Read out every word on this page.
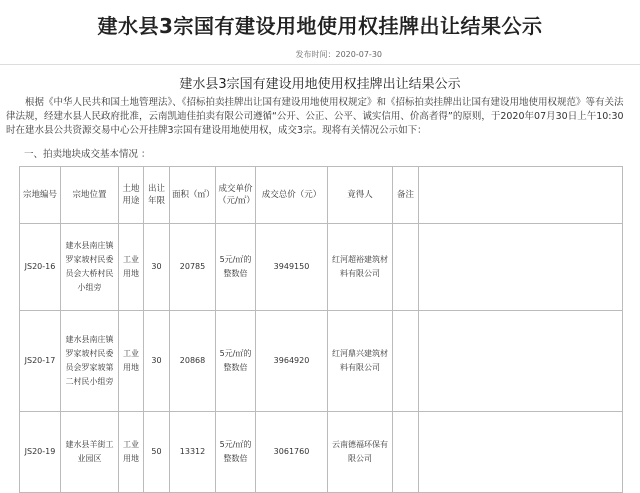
建水县3宗国有建设用地使用权挂牌出让结果公示
发布时间：2020-07-30
建水县3宗国有建设用地使用权挂牌出让结果公示
根据《中华人民共和国土地管理法》、《招标拍卖挂牌出让国有建设用地使用权规定》和《招标拍卖挂牌出让国有建设用地使用权规范》等有关法律法规，经建水县人民政府批准，云南凯迪佳拍卖有限公司遵循“公开、公正、公平、诚实信用、价高者得”的原则，于2020年07月30日上午10:30时在建水县公共资源交易中心公开挂牌3宗国有建设用地使用权，成交3宗。现将有关情况公示如下：
一、拍卖地块成交基本情况 ：
宗地编号	宗地位置	土地用途	出让年限	面积（㎡）	成交单价（元/㎡）	成交总价（元）	竟得人	备注	
JS20-16	建水县南庄镇罗家坡村民委员会大桥村民小组旁	工业用地	30	20785	5元/㎡的整数倍	3949150	红河超裕建筑材料有限公司		
JS20-17	建水县南庄镇罗家坡村民委员会罗家坡第二村民小组旁	工业用地	30	20868	5元/㎡的整数倍	3964920	红河鼎兴建筑材料有限公司		
JS20-19	建水县羊街工业园区	工业用地	50	13312	5元/㎡的整数倍	3061760	云南德福环保有限公司		
